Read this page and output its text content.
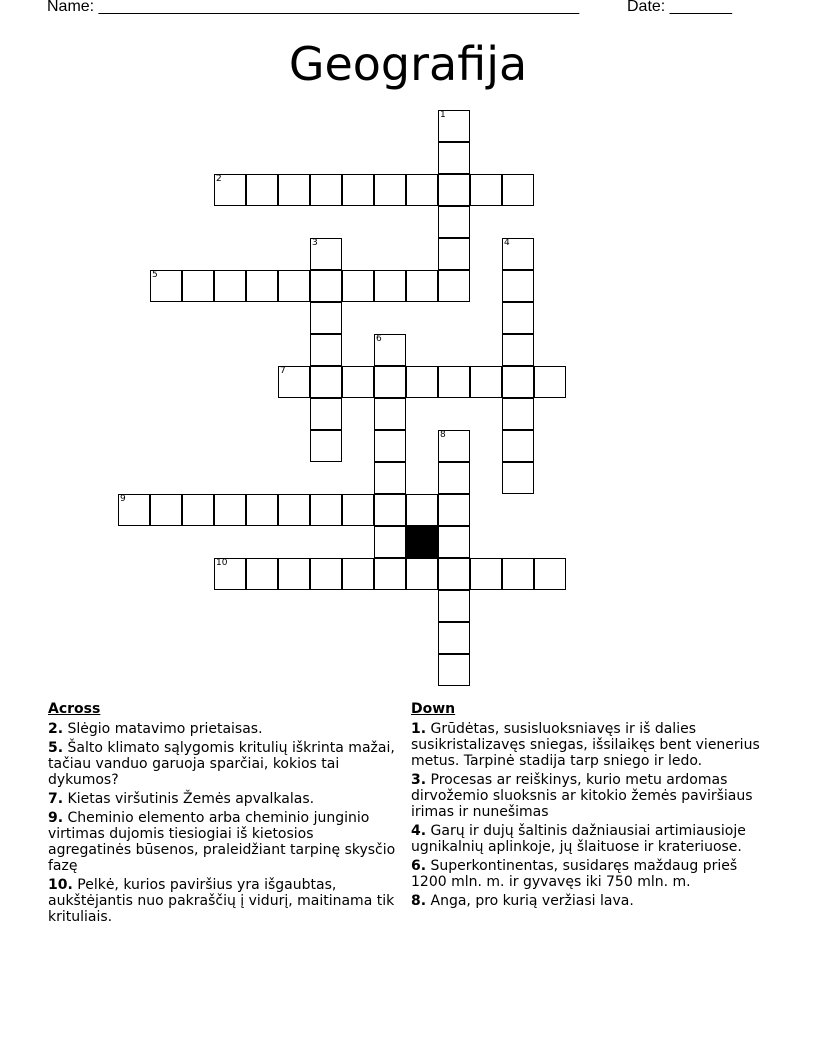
Name: ______________________________________________________	Date: _______
Geografija
1
2
3	4
5
6
7
8
9
10
Across
2. Slėgio matavimo prietaisas.
5. Šalto klimato sąlygomis kritulių iškrinta mažai, tačiau vanduo garuoja sparčiai, kokios tai dykumos?
7. Kietas viršutinis Žemės apvalkalas.
9. Cheminio elemento arba cheminio junginio virtimas dujomis tiesiogiai iš kietosios agregatinės būsenos, praleidžiant tarpinę skysčio fazę
10. Pelkė, kurios paviršius yra išgaubtas, aukštėjantis nuo pakraščių į vidurį, maitinama tik krituliais.
Down
1. Grūdėtas, susisluoksniavęs ir iš dalies susikristalizavęs sniegas, išsilaikęs bent vienerius metus. Tarpinė stadija tarp sniego ir ledo.
3. Procesas ar reiškinys, kurio metu ardomas dirvožemio sluoksnis ar kitokio žemės paviršiaus irimas ir nunešimas
4. Garų ir dujų šaltinis dažniausiai artimiausioje ugnikalnių aplinkoje, jų šlaituose ir krateriuose.
6. Superkontinentas, susidaręs maždaug prieš 1200 mln. m. ir gyvavęs iki 750 mln. m.
8. Anga, pro kurią veržiasi lava.
